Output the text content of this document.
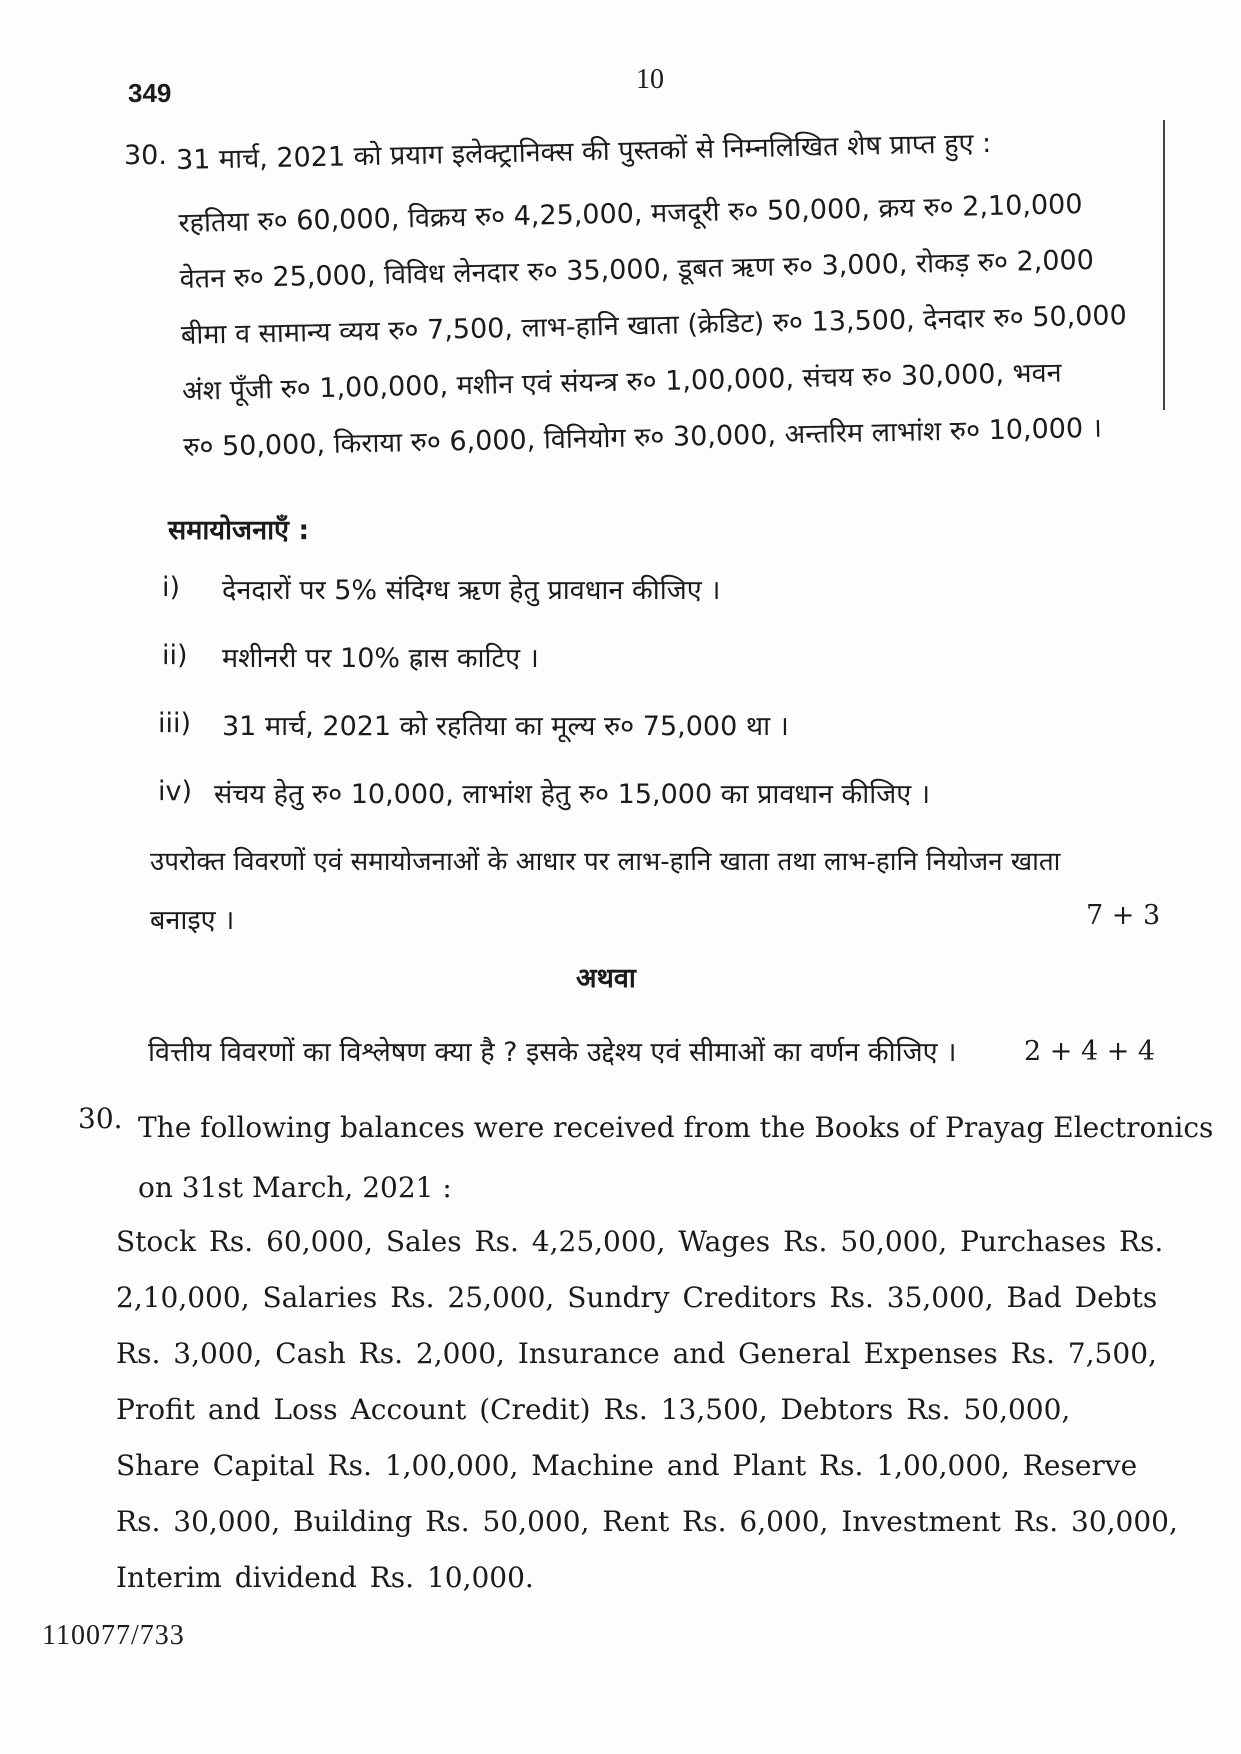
349	10
30. 31 मार्च, 2021 को प्रयाग इलेक्ट्रानिक्स की पुस्तकों से निम्नलिखित शेष प्राप्त हुए :
रहतिया रु० 60,000, विक्रय रु० 4,25,000, मजदूरी रु० 50,000, क्रय रु० 2,10,000
वेतन रु० 25,000, विविध लेनदार रु० 35,000, डूबत ऋण रु० 3,000, रोकड़ रु० 2,000
बीमा व सामान्य व्यय रु० 7,500, लाभ-हानि खाता (क्रेडिट) रु० 13,500, देनदार रु० 50,000
अंश पूँजी रु० 1,00,000, मशीन एवं संयन्त्र रु० 1,00,000, संचय रु० 30,000, भवन
रु० 50,000, किराया रु० 6,000, विनियोग रु० 30,000, अन्तरिम लाभांश रु० 10,000 ।
समायोजनाएँ :
i) देनदारों पर 5% संदिग्ध ऋण हेतु प्रावधान कीजिए ।
ii) मशीनरी पर 10% ह्रास काटिए ।
iii) 31 मार्च, 2021 को रहतिया का मूल्य रु० 75,000 था ।
iv) संचय हेतु रु० 10,000, लाभांश हेतु रु० 15,000 का प्रावधान कीजिए ।
उपरोक्त विवरणों एवं समायोजनाओं के आधार पर लाभ-हानि खाता तथा लाभ-हानि नियोजन खाता
बनाइए ।	7 + 3
अथवा
वित्तीय विवरणों का विश्लेषण क्या है ? इसके उद्देश्य एवं सीमाओं का वर्णन कीजिए ।	2 + 4 + 4
30. The following balances were received from the Books of Prayag Electronics
on 31st March, 2021 :
Stock Rs. 60,000, Sales Rs. 4,25,000, Wages Rs. 50,000, Purchases Rs.
2,10,000, Salaries Rs. 25,000, Sundry Creditors Rs. 35,000, Bad Debts
Rs. 3,000, Cash Rs. 2,000, Insurance and General Expenses Rs. 7,500,
Profit and Loss Account (Credit) Rs. 13,500, Debtors Rs. 50,000,
Share Capital Rs. 1,00,000, Machine and Plant Rs. 1,00,000, Reserve
Rs. 30,000, Building Rs. 50,000, Rent Rs. 6,000, Investment Rs. 30,000,
Interim dividend Rs. 10,000.
110077/733
